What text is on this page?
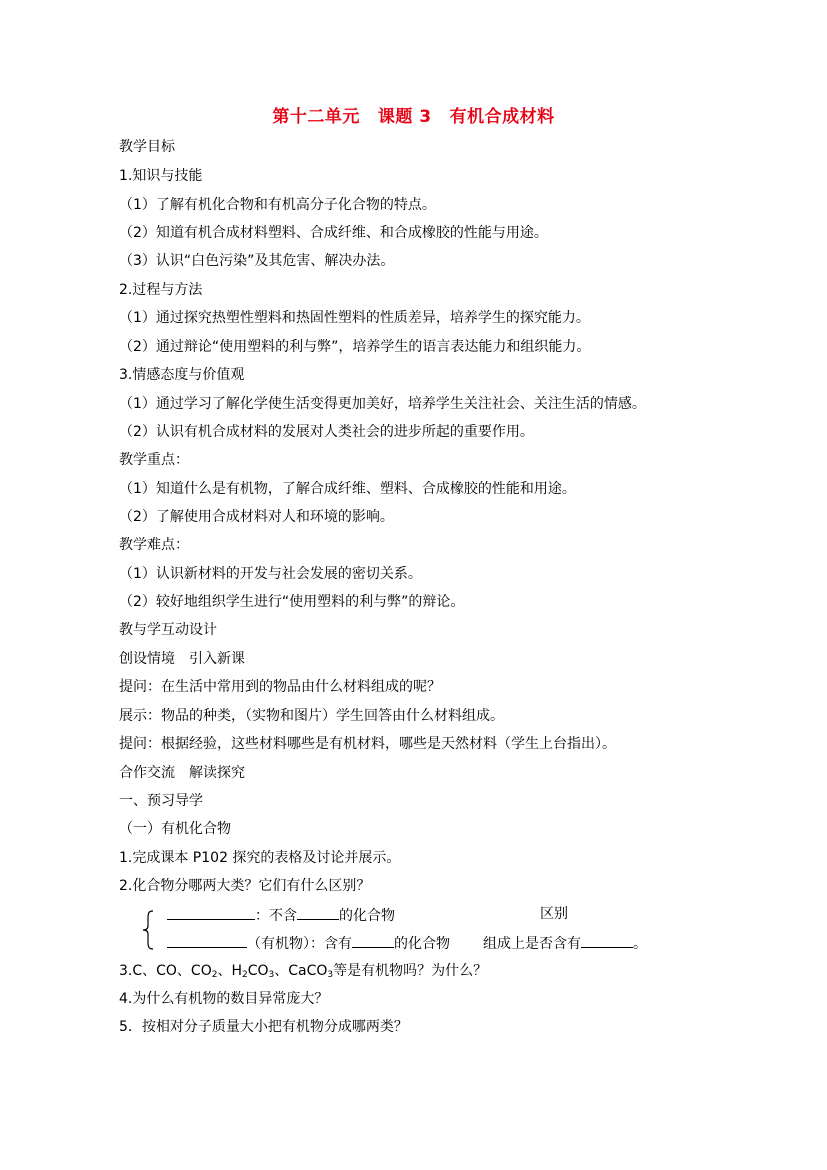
第十二单元 课题 3 有机合成材料
教学目标
1.知识与技能
（1）了解有机化合物和有机高分子化合物的特点。
（2）知道有机合成材料塑料、合成纤维、和合成橡胶的性能与用途。
（3）认识“白色污染”及其危害、解决办法。
2.过程与方法
（1）通过探究热塑性塑料和热固性塑料的性质差异，培养学生的探究能力。
（2）通过辩论“使用塑料的利与弊”，培养学生的语言表达能力和组织能力。
3.情感态度与价值观
（1）通过学习了解化学使生活变得更加美好，培养学生关注社会、关注生活的情感。
（2）认识有机合成材料的发展对人类社会的进步所起的重要作用。
教学重点：
（1）知道什么是有机物，了解合成纤维、塑料、合成橡胶的性能和用途。
（2）了解使用合成材料对人和环境的影响。
教学难点：
（1）认识新材料的开发与社会发展的密切关系。
（2）较好地组织学生进行“使用塑料的利与弊”的辩论。
教与学互动设计
创设情境　引入新课
提问：在生活中常用到的物品由什么材料组成的呢？
展示：物品的种类，（实物和图片）学生回答由什么材料组成。
提问：根据经验，这些材料哪些是有机材料，哪些是天然材料（学生上台指出）。
合作交流　解读探究
一、预习导学
（一）有机化合物
1.完成课本 P102 探究的表格及讨论并展示。
2.化合物分哪两大类？它们有什么区别？
：不含	的化合物	区别
（有机物）：含有	的化合物 组成上是否含有	。
3.C、CO、$CO_2$、$H_2CO_3$、CaCO$_3$等是有机物吗？为什么？
4.为什么有机物的数目异常庞大？
5．按相对分子质量大小把有机物分成哪两类？
